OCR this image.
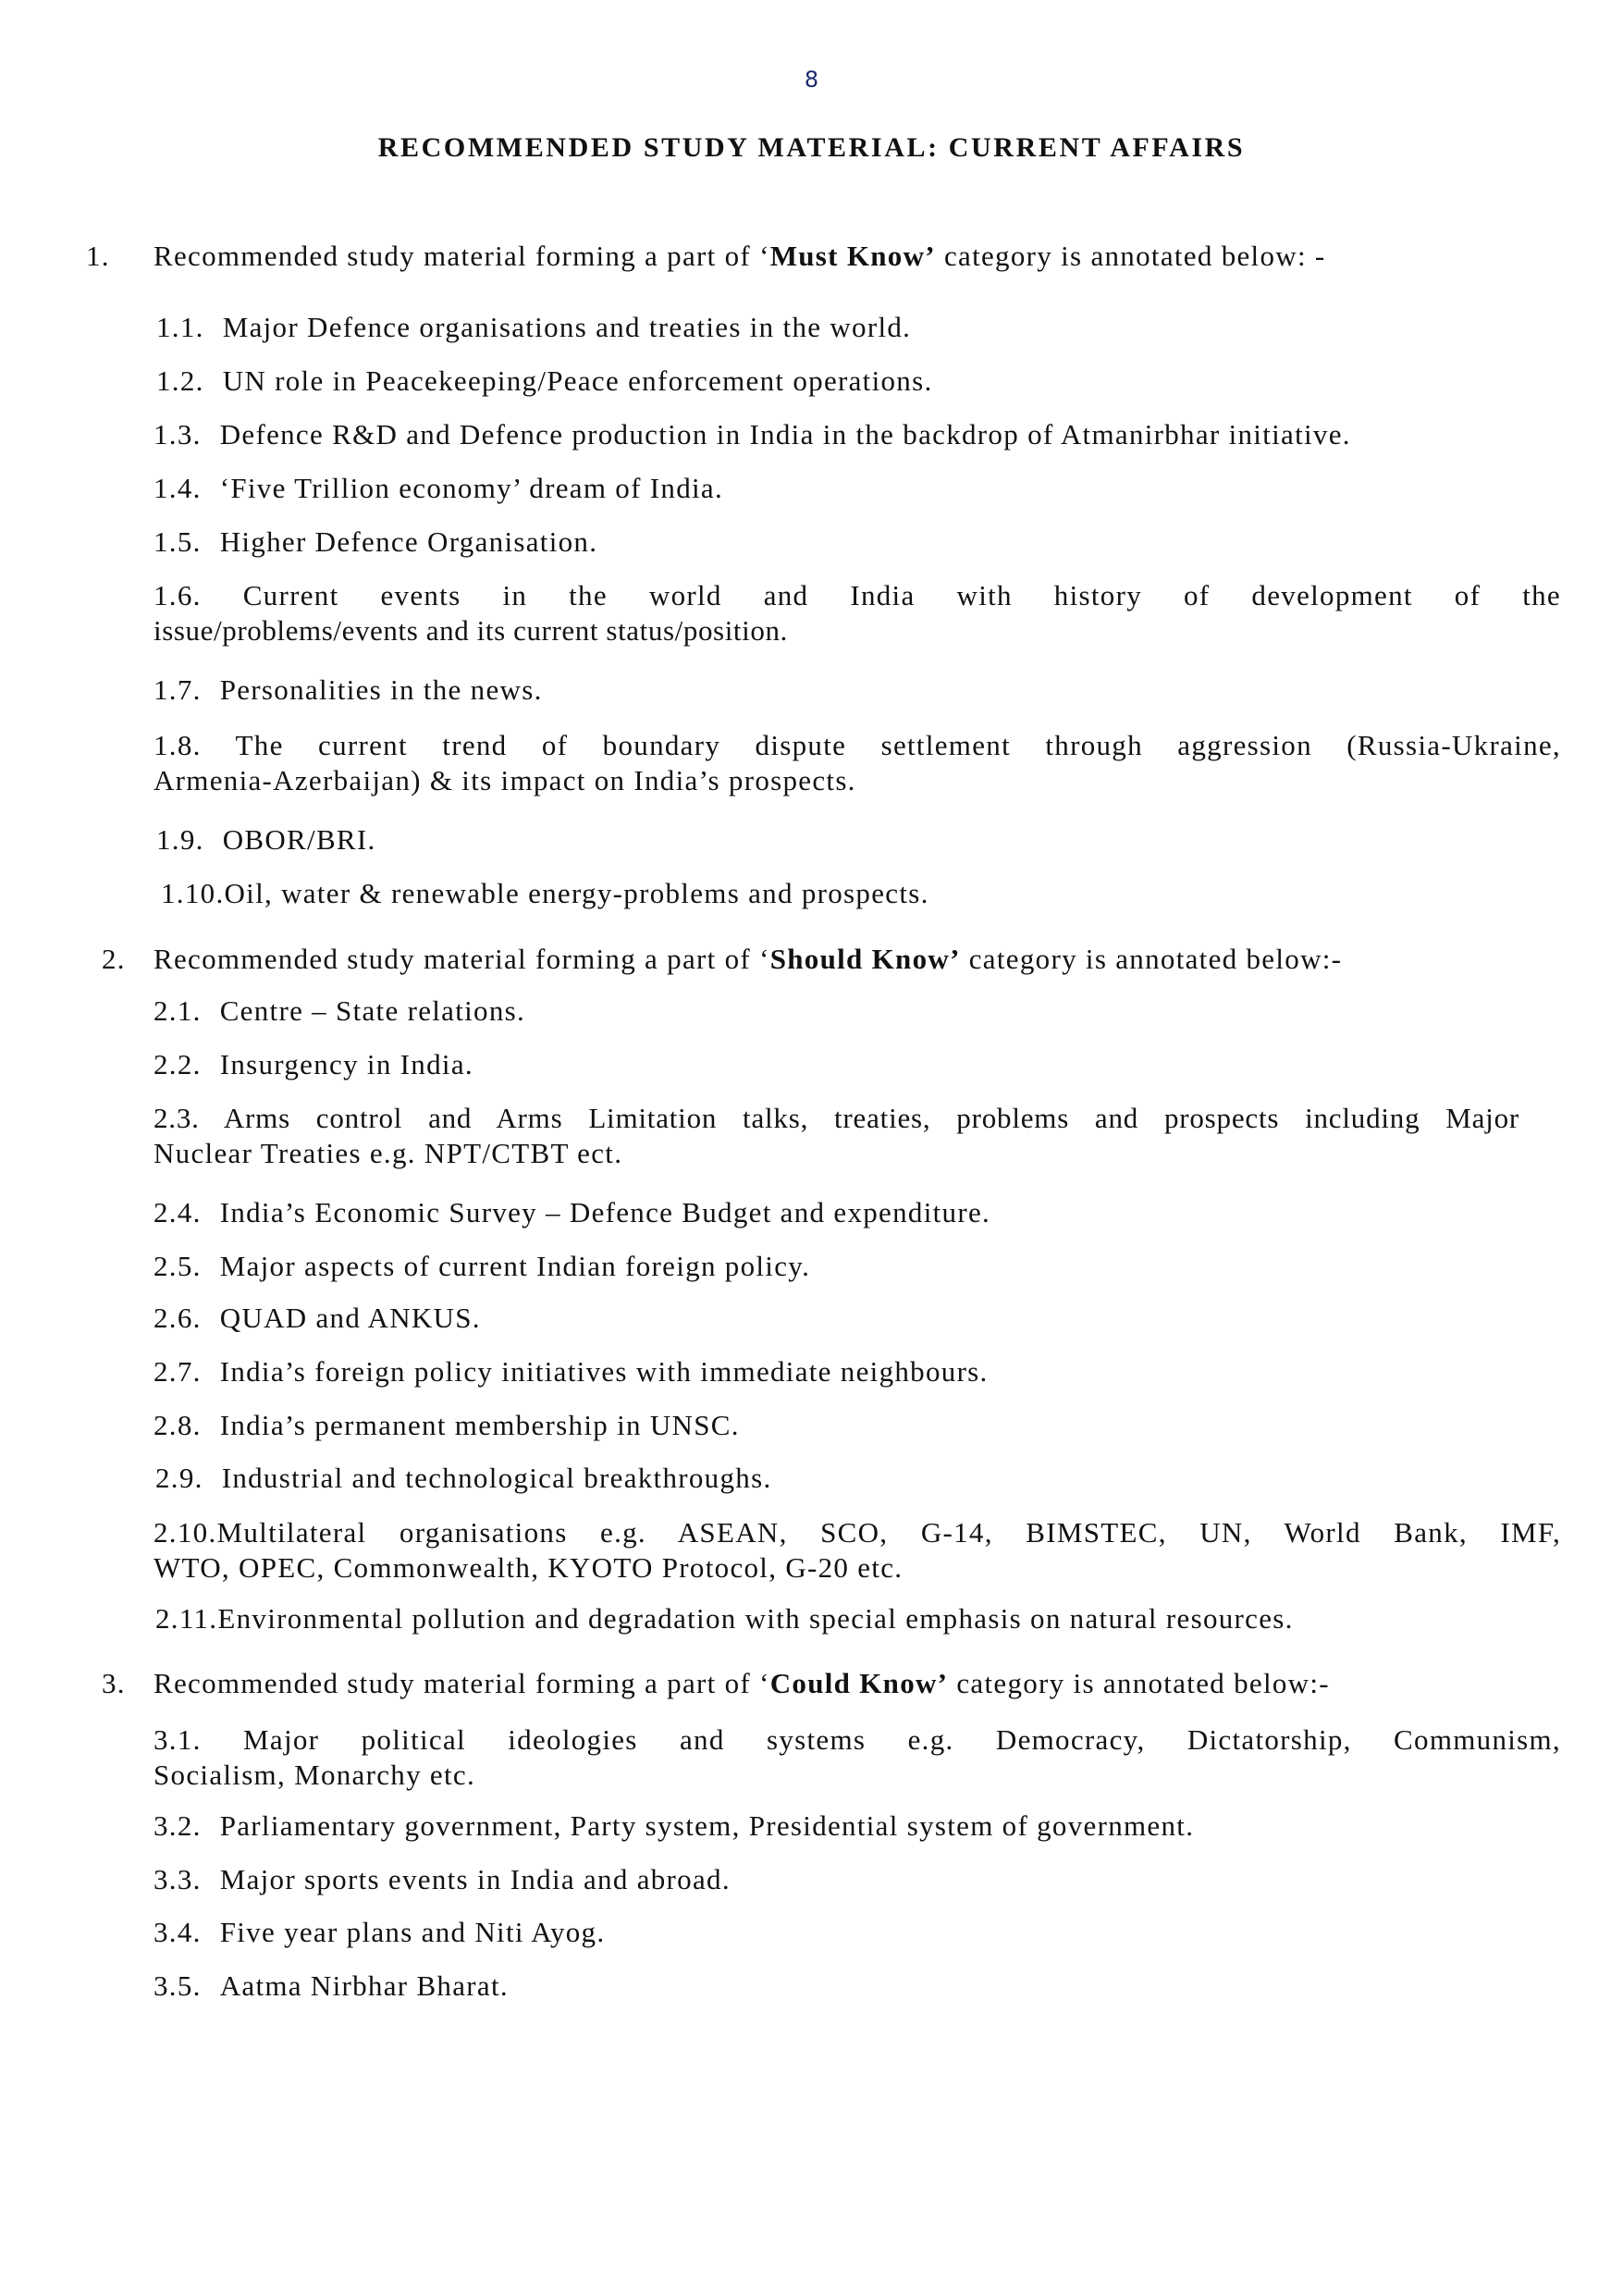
8
RECOMMENDED STUDY MATERIAL: CURRENT AFFAIRS
1. Recommended study material forming a part of ‘Must Know’ category is annotated below: -
1.1. Major Defence organisations and treaties in the world.
1.2. UN role in Peacekeeping/Peace enforcement operations.
1.3. Defence R&D and Defence production in India in the backdrop of Atmanirbhar initiative.
1.4. ‘Five Trillion economy’ dream of India.
1.5. Higher Defence Organisation.
1.6. Current events in the world and India with history of development of the
issue/problems/events and its current status/position.
1.7. Personalities in the news.
1.8. The current trend of boundary dispute settlement through aggression (Russia-Ukraine,
Armenia-Azerbaijan) & its impact on India’s prospects.
1.9. OBOR/BRI.
1.10.Oil, water & renewable energy-problems and prospects.
2. Recommended study material forming a part of ‘Should Know’ category is annotated below:-
2.1. Centre – State relations.
2.2. Insurgency in India.
2.3. Arms control and Arms Limitation talks, treaties, problems and prospects including Major
Nuclear Treaties e.g. NPT/CTBT ect.
2.4. India’s Economic Survey – Defence Budget and expenditure.
2.5. Major aspects of current Indian foreign policy.
2.6. QUAD and ANKUS.
2.7. India’s foreign policy initiatives with immediate neighbours.
2.8. India’s permanent membership in UNSC.
2.9. Industrial and technological breakthroughs.
2.10.Multilateral organisations e.g. ASEAN, SCO, G-14, BIMSTEC, UN, World Bank, IMF,
WTO, OPEC, Commonwealth, KYOTO Protocol, G-20 etc.
2.11.Environmental pollution and degradation with special emphasis on natural resources.
3. Recommended study material forming a part of ‘Could Know’ category is annotated below:-
3.1. Major political ideologies and systems e.g. Democracy, Dictatorship, Communism,
Socialism, Monarchy etc.
3.2. Parliamentary government, Party system, Presidential system of government.
3.3. Major sports events in India and abroad.
3.4. Five year plans and Niti Ayog.
3.5. Aatma Nirbhar Bharat.
